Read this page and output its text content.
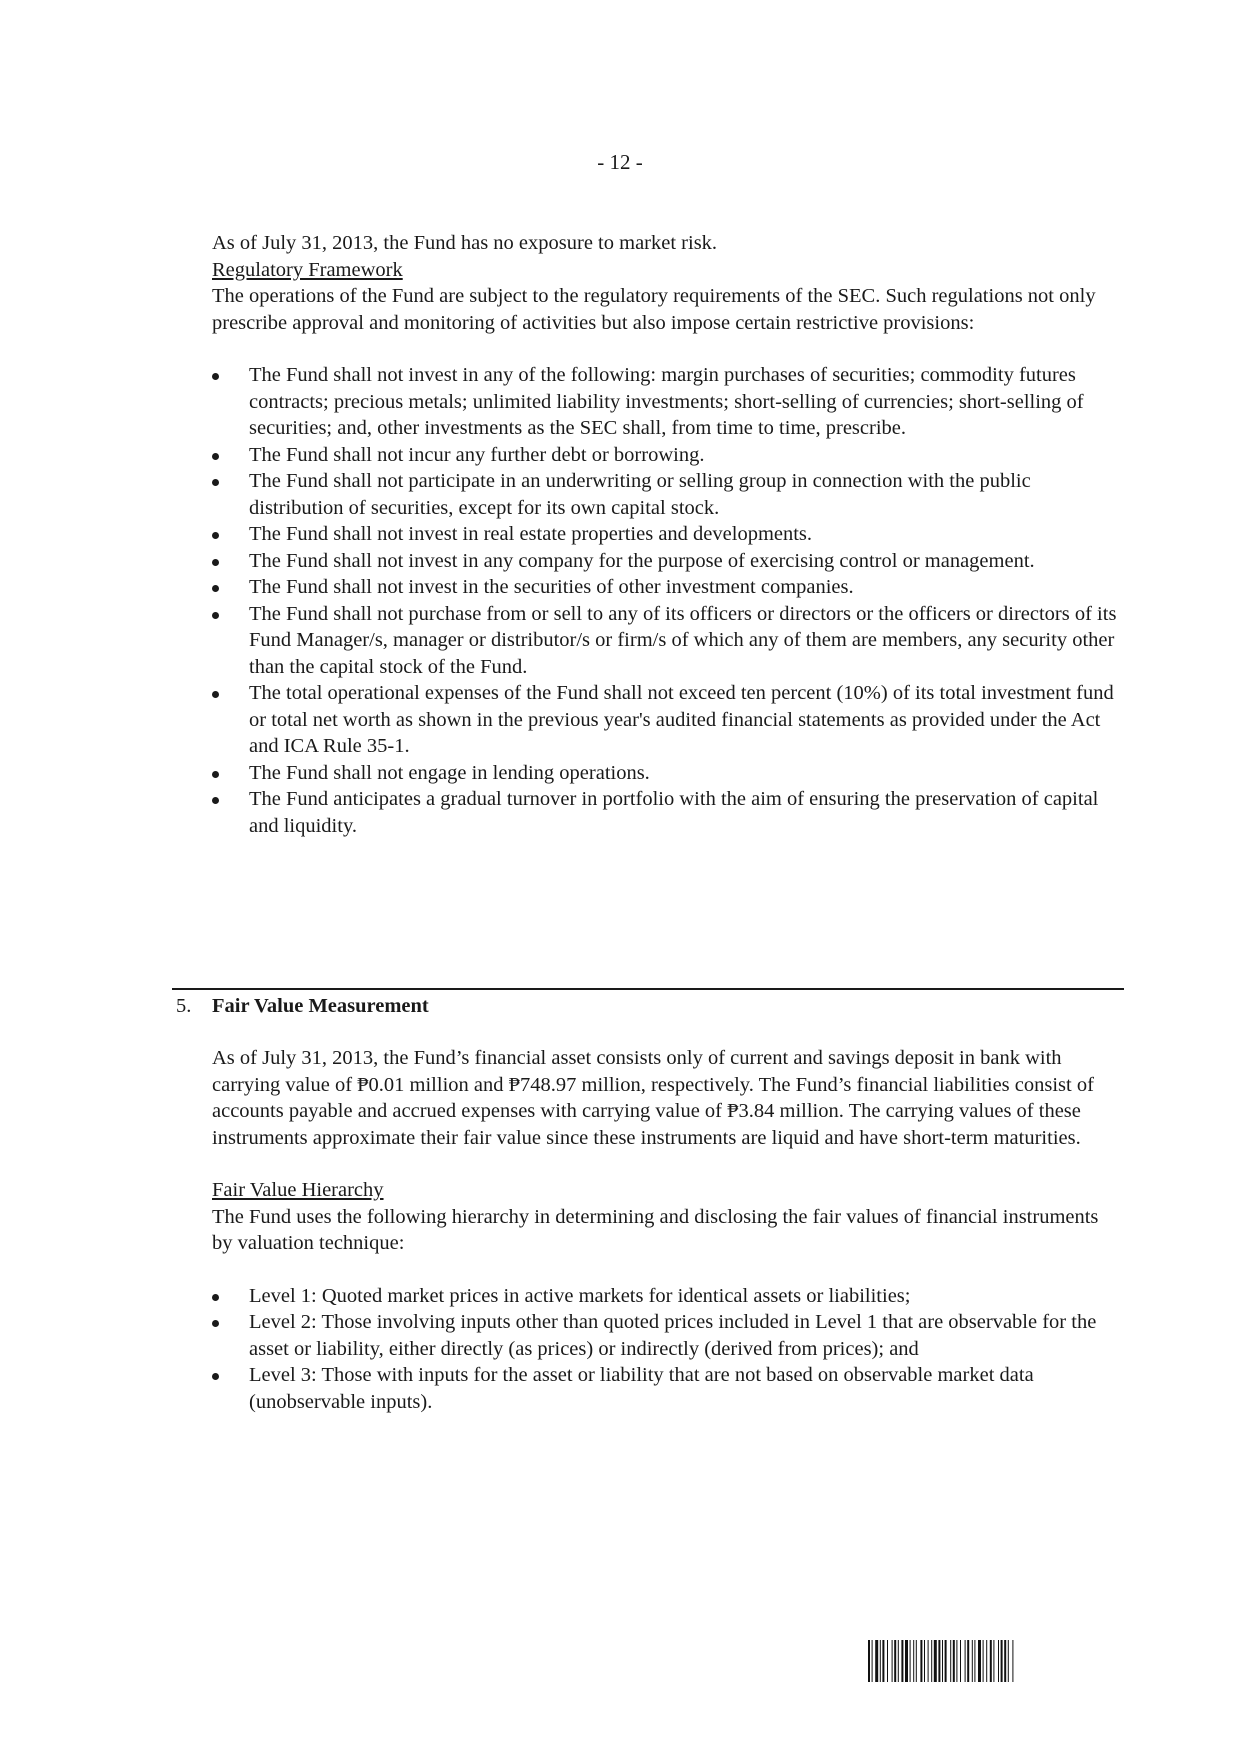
- 12 -

As of July 31, 2013, the Fund has no exposure to market risk.

Regulatory Framework

The operations of the Fund are subject to the regulatory requirements of the SEC. Such regulations not only prescribe approval and monitoring of activities but also impose certain restrictive provisions:

The Fund shall not invest in any of the following: margin purchases of securities; commodity futures contracts; precious metals; unlimited liability investments; short-selling of currencies; short-selling of securities; and, other investments as the SEC shall, from time to time, prescribe.
The Fund shall not incur any further debt or borrowing.
The Fund shall not participate in an underwriting or selling group in connection with the public distribution of securities, except for its own capital stock.
The Fund shall not invest in real estate properties and developments.
The Fund shall not invest in any company for the purpose of exercising control or management.
The Fund shall not invest in the securities of other investment companies.
The Fund shall not purchase from or sell to any of its officers or directors or the officers or directors of its Fund Manager/s, manager or distributor/s or firm/s of which any of them are members, any security other than the capital stock of the Fund.
The total operational expenses of the Fund shall not exceed ten percent (10%) of its total investment fund or total net worth as shown in the previous year's audited financial statements as provided under the Act and ICA Rule 35-1.
The Fund shall not engage in lending operations.
The Fund anticipates a gradual turnover in portfolio with the aim of ensuring the preservation of capital and liquidity.
5. Fair Value Measurement

As of July 31, 2013, the Fund’s financial asset consists only of current and savings deposit in bank with carrying value of ₱0.01 million and ₱748.97 million, respectively. The Fund’s financial liabilities consist of accounts payable and accrued expenses with carrying value of ₱3.84 million. The carrying values of these instruments approximate their fair value since these instruments are liquid and have short-term maturities.

Fair Value Hierarchy

The Fund uses the following hierarchy in determining and disclosing the fair values of financial instruments by valuation technique:

Level 1: Quoted market prices in active markets for identical assets or liabilities;
Level 2: Those involving inputs other than quoted prices included in Level 1 that are observable for the asset or liability, either directly (as prices) or indirectly (derived from prices); and
Level 3: Those with inputs for the asset or liability that are not based on observable market data (unobservable inputs).
